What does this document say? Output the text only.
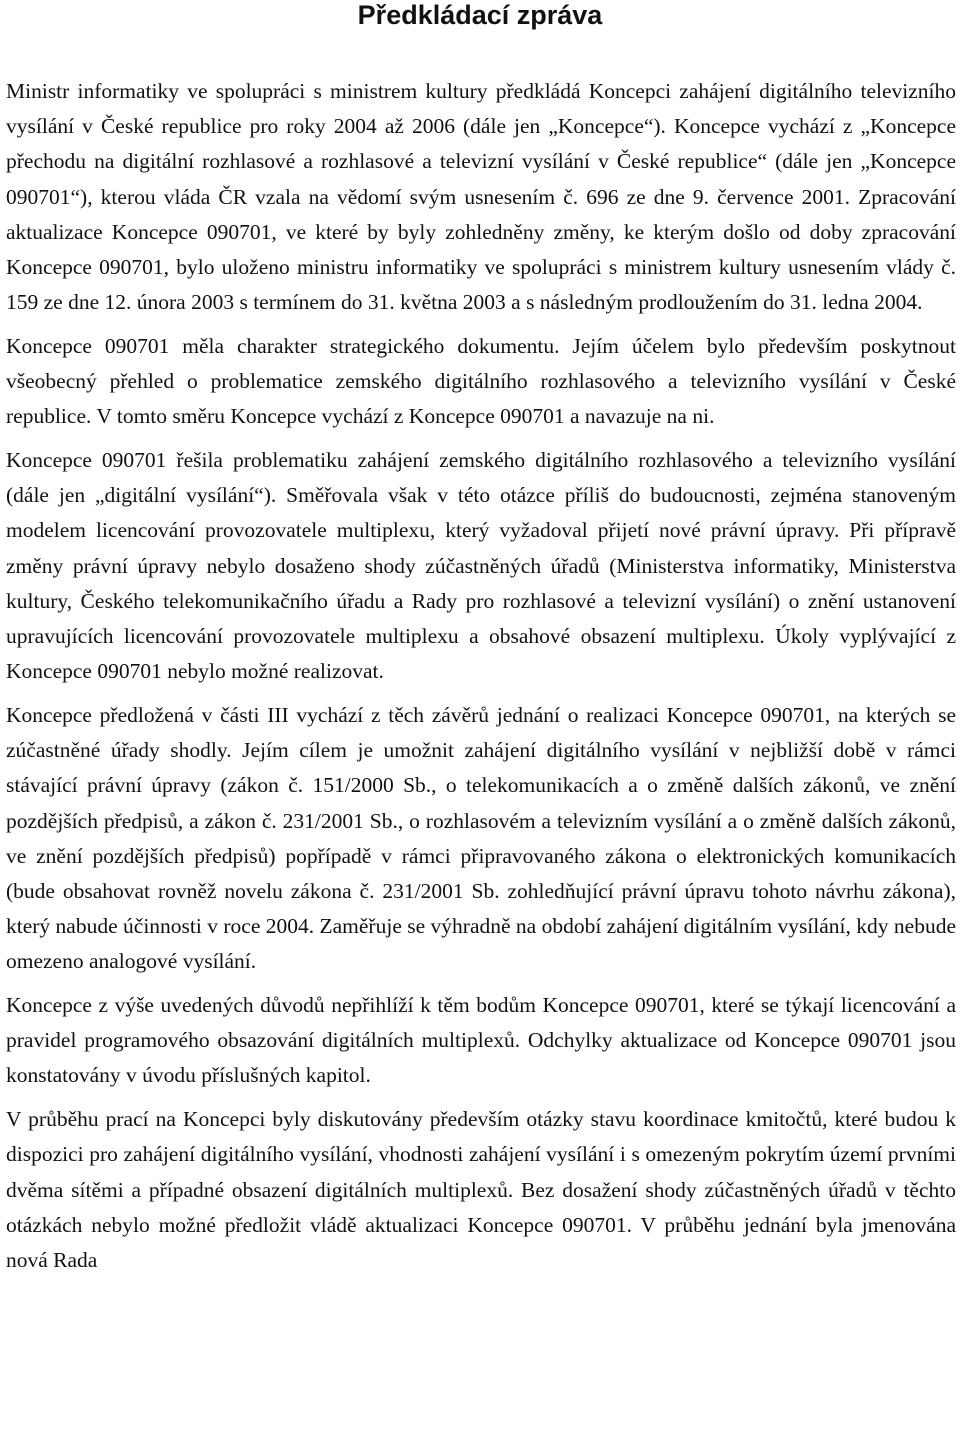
Předkládací zpráva

Ministr informatiky ve spolupráci s ministrem kultury předkládá Koncepci zahájení digitálního televizního vysílání v České republice pro roky 2004 až 2006 (dále jen „Koncepce“). Koncepce vychází z „Koncepce přechodu na digitální rozhlasové a rozhlasové a televizní vysílání v České republice“ (dále jen „Koncepce 090701“), kterou vláda ČR vzala na vědomí svým usnesením č. 696 ze dne 9. července 2001. Zpracování aktualizace Koncepce 090701, ve které by byly zohledněny změny, ke kterým došlo od doby zpracování Koncepce 090701, bylo uloženo ministru informatiky ve spolupráci s ministrem kultury usnesením vlády č. 159 ze dne 12. února 2003 s termínem do 31. května 2003 a s následným prodloužením do 31. ledna 2004.

Koncepce 090701 měla charakter strategického dokumentu. Jejím účelem bylo především poskytnout všeobecný přehled o problematice zemského digitálního rozhlasového a televizního vysílání v České republice. V tomto směru Koncepce vychází z Koncepce 090701 a navazuje na ni.

Koncepce 090701 řešila problematiku zahájení zemského digitálního rozhlasového a televizního vysílání (dále jen „digitální vysílání“). Směřovala však v této otázce příliš do budoucnosti, zejména stanoveným modelem licencování provozovatele multiplexu, který vyžadoval přijetí nové právní úpravy. Při přípravě změny právní úpravy nebylo dosaženo shody zúčastněných úřadů (Ministerstva informatiky, Ministerstva kultury, Českého telekomunikačního úřadu a Rady pro rozhlasové a televizní vysílání) o znění ustanovení upravujících licencování provozovatele multiplexu a obsahové obsazení multiplexu. Úkoly vyplývající z Koncepce 090701 nebylo možné realizovat.

Koncepce předložená v části III vychází z těch závěrů jednání o realizaci Koncepce 090701, na kterých se zúčastněné úřady shodly. Jejím cílem je umožnit zahájení digitálního vysílání v nejbližší době v rámci stávající právní úpravy (zákon č. 151/2000 Sb., o telekomunikacích a o změně dalších zákonů, ve znění pozdějších předpisů, a zákon č. 231/2001 Sb., o rozhlasovém a televizním vysílání a o změně dalších zákonů, ve znění pozdějších předpisů) popřípadě v rámci připravovaného zákona o elektronických komunikacích (bude obsahovat rovněž novelu zákona č. 231/2001 Sb. zohledňující právní úpravu tohoto návrhu zákona), který nabude účinnosti v roce 2004. Zaměřuje se výhradně na období zahájení digitálním vysílání, kdy nebude omezeno analogové vysílání.

Koncepce z výše uvedených důvodů nepřihlíží k těm bodům Koncepce 090701, které se týkají licencování a pravidel programového obsazování digitálních multiplexů. Odchylky aktualizace od Koncepce 090701 jsou konstatovány v úvodu příslušných kapitol.

V průběhu prací na Koncepci byly diskutovány především otázky stavu koordinace kmitočtů, které budou k dispozici pro zahájení digitálního vysílání, vhodnosti zahájení vysílání i s omezeným pokrytím území prvními dvěma sítěmi a případné obsazení digitálních multiplexů. Bez dosažení shody zúčastněných úřadů v těchto otázkách nebylo možné předložit vládě aktualizaci Koncepce 090701. V průběhu jednání byla jmenována nová Rada
